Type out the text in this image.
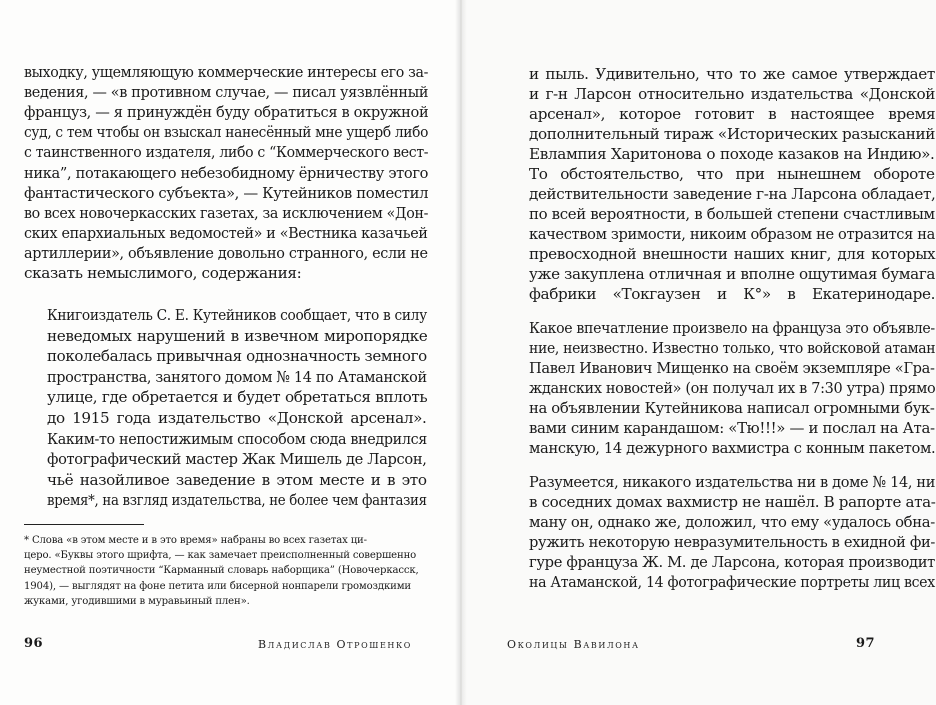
выходку, ущемляющую коммерческие интересы его за-
ведения, — «в противном случае, — писал уязвлённый
француз, — я принуждён буду обратиться в окружной
суд, с тем чтобы он взыскал нанесённый мне ущерб либо
с таинственного издателя, либо с “Коммерческого вест-
ника”, потакающего небезобидному ёрничеству этого
фантастического субъекта», — Кутейников поместил
во всех новочеркасских газетах, за исключением «Дон-
ских епархиальных ведомостей» и «Вестника казачьей
артиллерии», объявление довольно странного, если не
сказать немыслимого, содержания:
Книгоиздатель С. Е. Кутейников сообщает, что в силу
неведомых нарушений в извечном миропорядке
поколебалась привычная однозначность земного
пространства, занятого домом № 14 по Атаманской
улице, где обретается и будет обретаться вплоть
до 1915 года издательство «Донской арсенал».
Каким-то непостижимым способом сюда внедрился
фотографический мастер Жак Мишель де Ларсон,
чьё назойливое заведение в этом месте и в это
время*, на взгляд издательства, не более чем фантазия
* Слова «в этом месте и в это время» набраны во всех газетах ци-
церо. «Буквы этого шрифта, — как замечает преисполненный совершенно
неуместной поэтичности “Карманный словарь наборщика” (Новочеркасск,
1904), — выглядят на фоне петита или бисерной нонпарели громоздкими
жуками, угодившими в муравьиный плен».
96	Владислав Отрошенко
и пыль. Удивительно, что то же самое утверждает
и г-н Ларсон относительно издательства «Донской
арсенал», которое готовит в настоящее время
дополнительный тираж «Исторических разысканий
Евлампия Харитонова о походе казаков на Индию».
То обстоятельство, что при нынешнем обороте
действительности заведение г-на Ларсона обладает,
по всей вероятности, в большей степени счастливым
качеством зримости, никоим образом не отразится на
превосходной внешности наших книг, для которых
уже закуплена отличная и вполне ощутимая бумага
фабрики «Токгаузен и К°» в Екатеринодаре.
Какое впечатление произвело на француза это объявле-
ние, неизвестно. Известно только, что войсковой атаман
Павел Иванович Мищенко на своём экземпляре «Гра-
жданских новостей» (он получал их в 7:30 утра) прямо
на объявлении Кутейникова написал огромными бук-
вами синим карандашом: «Тю!!!» — и послал на Ата-
манскую, 14 дежурного вахмистра с конным пакетом.
Разумеется, никакого издательства ни в доме № 14, ни
в соседних домах вахмистр не нашёл. В рапорте ата-
ману он, однако же, доложил, что ему «удалось обна-
ружить некоторую невразумительность в ехидной фи-
гуре француза Ж. М. де Ларсона, которая производит
на Атаманской, 14 фотографические портреты лиц всех
Околицы Вавилона	97
